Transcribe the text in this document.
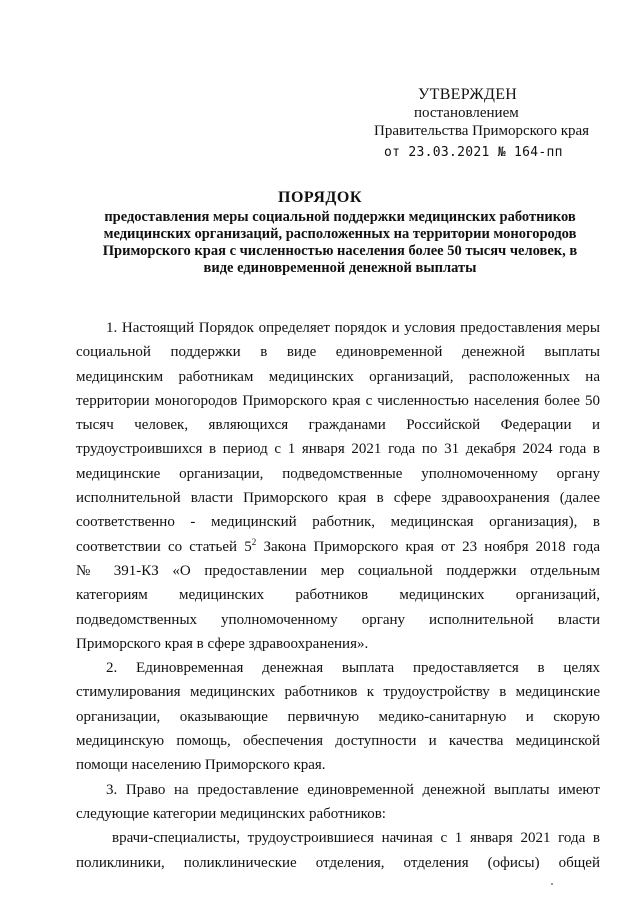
УТВЕРЖДЕН
постановлением
Правительства Приморского края
от 23.03.2021 № 164-пп
ПОРЯДОК
предоставления меры социальной поддержки медицинских работников
медицинских организаций, расположенных на территории моногородов
Приморского края с численностью населения более 50 тысяч человек, в
виде единовременной денежной выплаты
1. Настоящий Порядок определяет порядок и условия предоставления меры
социальной поддержки в виде единовременной денежной выплаты
медицинским работникам медицинских организаций, расположенных на
территории моногородов Приморского края с численностью населения более 50
тысяч человек, являющихся гражданами Российской Федерации и
трудоустроившихся в период с 1 января 2021 года по 31 декабря 2024 года в
медицинские организации, подведомственные уполномоченному органу
исполнительной власти Приморского края в сфере здравоохранения (далее
соответственно - медицинский работник, медицинская организация), в
соответствии со статьей $5^2$ Закона Приморского края от 23 ноября 2018 года
№ 391-КЗ «О предоставлении мер социальной поддержки отдельным
категориям медицинских работников медицинских организаций,
подведомственных уполномоченному органу исполнительной власти
Приморского края в сфере здравоохранения».
2. Единовременная денежная выплата предоставляется в целях
стимулирования медицинских работников к трудоустройству в медицинские
организации, оказывающие первичную медико-санитарную и скорую
медицинскую помощь, обеспечения доступности и качества медицинской
помощи населению Приморского края.
3. Право на предоставление единовременной денежной выплаты имеют
следующие категории медицинских работников:
врачи-специалисты, трудоустроившиеся начиная с 1 января 2021 года в
поликлиники, поликлинические отделения, отделения (офисы) общей
